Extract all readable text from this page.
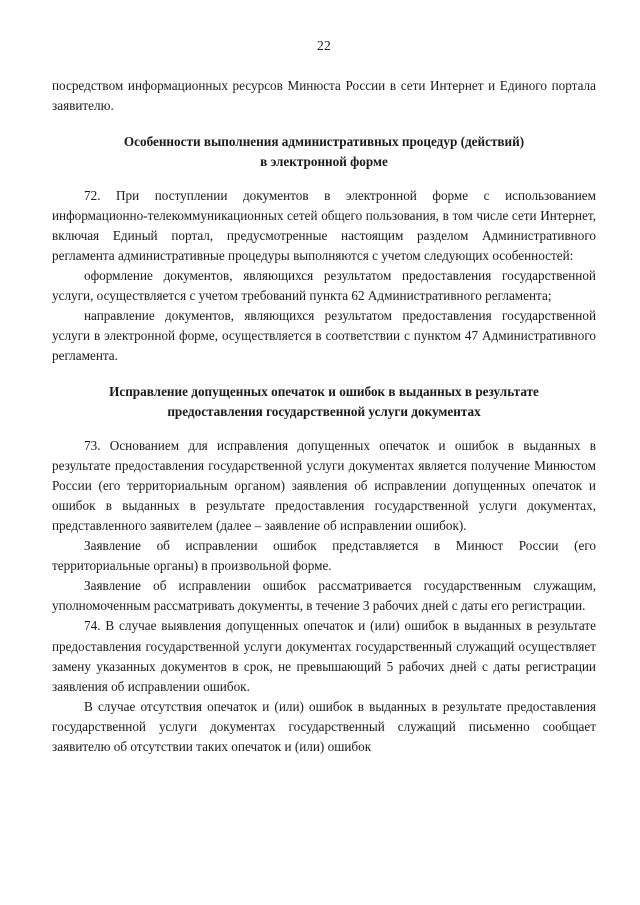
22

посредством информационных ресурсов Минюста России в сети Интернет и Единого портала заявителю.

Особенности выполнения административных процедур (действий)
в электронной форме

72. При поступлении документов в электронной форме с использованием информационно-телекоммуникационных сетей общего пользования, в том числе сети Интернет, включая Единый портал, предусмотренные настоящим разделом Административного регламента административные процедуры выполняются с учетом следующих особенностей:

оформление документов, являющихся результатом предоставления государственной услуги, осуществляется с учетом требований пункта 62 Административного регламента;

направление документов, являющихся результатом предоставления государственной услуги в электронной форме, осуществляется в соответствии с пунктом 47 Административного регламента.

Исправление допущенных опечаток и ошибок в выданных в результате
предоставления государственной услуги документах

73. Основанием для исправления допущенных опечаток и ошибок в выданных в результате предоставления государственной услуги документах является получение Минюстом России (его территориальным органом) заявления об исправлении допущенных опечаток и ошибок в выданных в результате предоставления государственной услуги документах, представленного заявителем (далее – заявление об исправлении ошибок).

Заявление об исправлении ошибок представляется в Минюст России (его территориальные органы) в произвольной форме.

Заявление об исправлении ошибок рассматривается государственным служащим, уполномоченным рассматривать документы, в течение 3 рабочих дней с даты его регистрации.

74. В случае выявления допущенных опечаток и (или) ошибок в выданных в результате предоставления государственной услуги документах государственный служащий осуществляет замену указанных документов в срок, не превышающий 5 рабочих дней с даты регистрации заявления об исправлении ошибок.

В случае отсутствия опечаток и (или) ошибок в выданных в результате предоставления государственной услуги документах государственный служащий письменно сообщает заявителю об отсутствии таких опечаток и (или) ошибок
